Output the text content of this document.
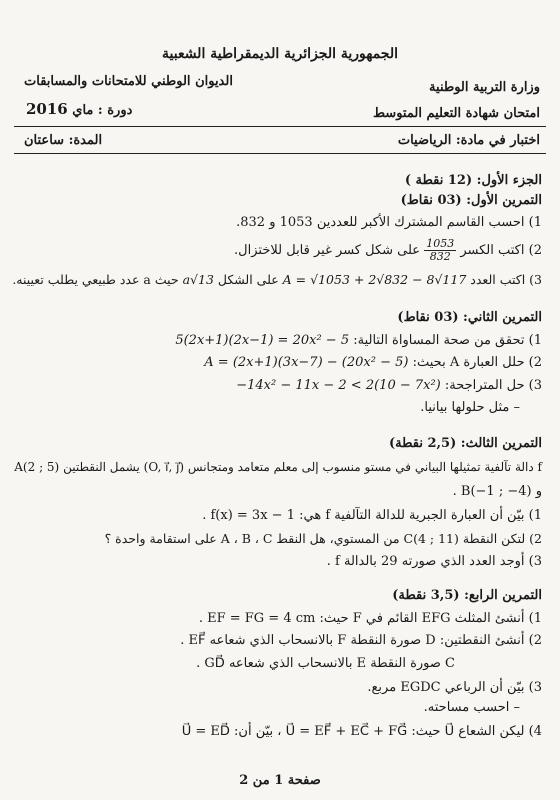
الجمهورية الجزائرية الديمقراطية الشعبية
وزارة التربية الوطنية
الديوان الوطني للامتحانات والمسابقات
امتحان شهادة التعليم المتوسط
دورة : ماي 2016
اختبار في مادة: الرياضيات
المدة: ساعتان
الجزء الأول: (12 نقطة )
التمرين الأول: (03 نقاط)
1) احسب القاسم المشترك الأكبر للعددين 1053 و 832.
2) اكتب الكسر
$\frac{1053}{832}$
على شكل كسر غير قابل للاختزال.
3) اكتب العدد A = √1053 + 2√832 − 8√117 على الشكل a√13 حيث a عدد طبيعي يطلب تعيينه.
التمرين الثاني: (03 نقاط)
1) تحقق من صحة المساواة التالية: 5(2x+1)(2x−1) = 20x² − 5
2) حلل العبارة A بحيث: A = (2x+1)(3x−7) − (20x² − 5)
3) حل المتراجحة: −14x² − 11x − 2 < 2(10 − 7x²)
– مثل حلولها بيانيا.
التمرين الثالث: (2,5 نقطة)
f دالة تآلفية تمثيلها البياني في مستو منسوب إلى معلم متعامد ومتجانس (O, i⃗, j⃗) يشمل النقطتين A(2 ; 5)
و B(−1 ; −4) .
1) بيّن أن العبارة الجبرية للدالة التآلفية f هي: f(x) = 3x − 1 .
2) لتكن النقطة C(4 ; 11) من المستوي، هل النقط A ، B ، C على استقامة واحدة ؟
3) أوجد العدد الذي صورته 29 بالدالة f .
التمرين الرابع: (3,5 نقطة)
1) أنشئ المثلث EFG القائم في F حيث: EF = FG = 4 cm .
2) أنشئ النقطتين: D صورة النقطة F بالانسحاب الذي شعاعه EF⃗ .
C صورة النقطة E بالانسحاب الذي شعاعه GD⃗ .
3) بيّن أن الرباعي EGDC مربع.
– احسب مساحته.
4) ليكن الشعاع U⃗ حيث: U⃗ = EF⃗ + EC⃗ + FG⃗ ، بيّن أن: U⃗ = ED⃗
صفحة 1 من 2
